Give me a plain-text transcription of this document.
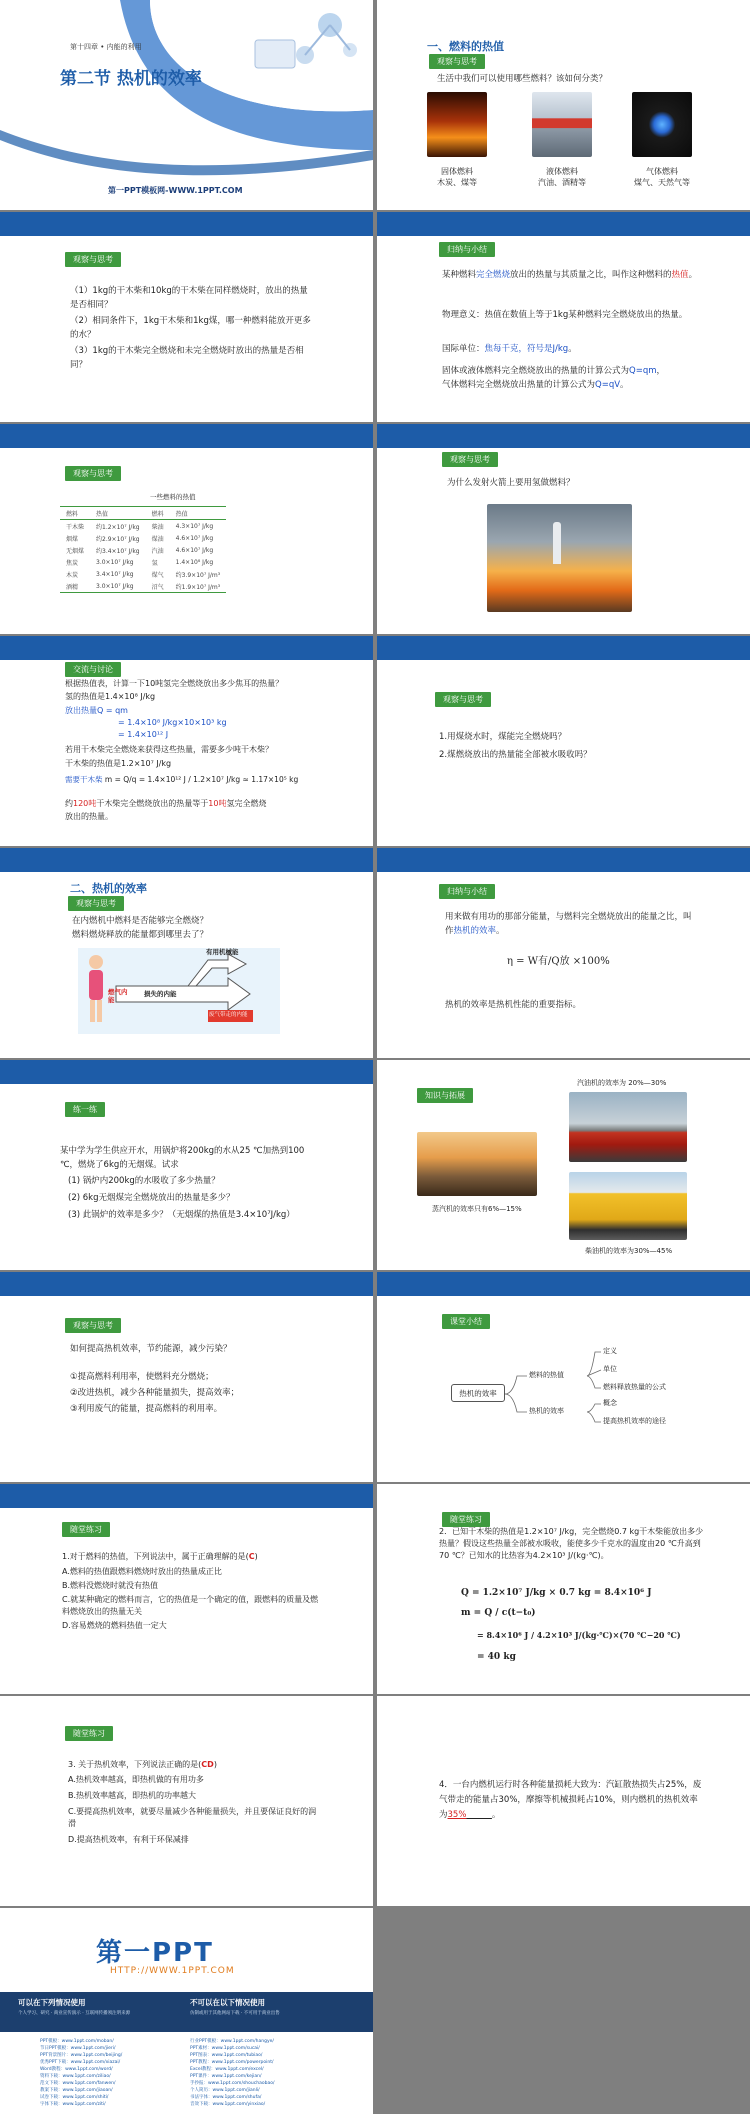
第十四章 • 内能的利用
第二节 热机的效率
第一PPT模板网-WWW.1PPT.COM
一、燃料的热值
观察与思考
生活中我们可以使用哪些燃料？该如何分类？
固体燃料
木炭、煤等
液体燃料
汽油、酒精等
气体燃料
煤气、天然气等
观察与思考
（1）1kg的干木柴和10kg的干木柴在同样燃烧时，放出的热量是否相同？
（2）相同条件下，1kg干木柴和1kg煤，哪一种燃料能放开更多的水？
（3）1kg的干木柴完全燃烧和未完全燃烧时放出的热量是否相同？
归纳与小结
某种燃料完全燃烧放出的热量与其质量之比，叫作这种燃料的热值。
物理意义：热值在数值上等于1kg某种燃料完全燃烧放出的热量。
国际单位：焦每千克，符号是J/kg。
固体或液体燃料完全燃烧放出的热量的计算公式为Q=qm，
气体燃料完全燃烧放出热量的计算公式为Q=qV。
观察与思考
一些燃料的热值
燃料	热值	燃料	热值
干木柴	约1.2×10⁷ J/kg	柴油	4.3×10⁷ J/kg
烟煤	约2.9×10⁷ J/kg	煤油	4.6×10⁷ J/kg
无烟煤	约3.4×10⁷ J/kg	汽油	4.6×10⁷ J/kg
焦炭	3.0×10⁷ J/kg	氢	1.4×10⁸ J/kg
木炭	3.4×10⁷ J/kg	煤气	约3.9×10⁷ J/m³
酒精	3.0×10⁷ J/kg	沼气	约1.9×10⁷ J/m³
观察与思考
为什么发射火箭上要用氢做燃料？
交流与讨论
根据热值表，计算一下10吨氢完全燃烧放出多少焦耳的热量？
氢的热值是1.4×10⁸ J/kg
放出热量Q = qm
= 1.4×10⁸ J/kg×10×10³ kg
= 1.4×10¹² J
若用干木柴完全燃烧来获得这些热量，需要多少吨干木柴？
干木柴的热值是1.2×10⁷ J/kg
需要干木柴 m = Q/q = 1.4×10¹² J / 1.2×10⁷ J/kg ≈ 1.17×10⁵ kg
约120吨干木柴完全燃烧放出的热量等于10吨氢完全燃烧
放出的热量。
观察与思考
1.用煤烧水时，煤能完全燃烧吗？
2.煤燃烧放出的热量能全部被水吸收吗？
二、热机的效率
观察与思考
在内燃机中燃料是否能够完全燃烧？
燃料燃烧释放的能量都到哪里去了？
燃气内能
有用机械能
损失的内能
废气带走的内能
归纳与小结
用来做有用功的那部分能量，与燃料完全燃烧放出的能量之比，叫作热机的效率。
η = W有/Q放 ×100%
热机的效率是热机性能的重要指标。
练一练
某中学为学生供应开水，用锅炉将200kg的水从25 ℃加热到100 ℃，燃烧了6kg的无烟煤。试求
(1) 锅炉内200kg的水吸收了多少热量？
(2) 6kg无烟煤完全燃烧放出的热量是多少？
(3) 此锅炉的效率是多少？（无烟煤的热值是3.4×10⁷J/kg）
知识与拓展
汽油机的效率为 20%—30%
蒸汽机的效率只有6%—15%
柴油机的效率为30%—45%
观察与思考
如何提高热机效率，节约能源，减少污染？
①提高燃料利用率，使燃料充分燃烧；
②改进热机，减少各种能量损失，提高效率；
③利用废气的能量，提高燃料的利用率。
课堂小结
热机的效率
燃料的热值
热机的效率
定义
单位
燃料释放热量的公式
概念
提高热机效率的途径
随堂练习
1.对于燃料的热值，下列说法中，属于正确理解的是(C)
A.燃料的热值跟燃料燃烧时放出的热量成正比
B.燃料没燃烧时就没有热值
C.就某种确定的燃料而言，它的热值是一个确定的值，跟燃料的质量及燃料燃烧放出的热量无关
D.容易燃烧的燃料热值一定大
随堂练习
2．已知干木柴的热值是1.2×10⁷ J/kg，完全燃烧0.7 kg干木柴能放出多少热量？假设这些热量全部被水吸收，能使多少千克水的温度由20 ℃升高到70 ℃？已知水的比热容为4.2×10³ J/(kg·℃)。
Q = 1.2×10⁷ J/kg × 0.7 kg = 8.4×10⁶ J
m = Q / c(t−t₀)
= 8.4×10⁶ J / 4.2×10³ J/(kg·℃)×(70 ℃−20 ℃)
= 40 kg
随堂练习
3. 关于热机效率，下列说法正确的是(CD)
A.热机效率越高，即热机做的有用功多
B.热机效率越高，即热机的功率越大
C.要提高热机效率，就要尽量减少各种能量损失，并且要保证良好的润滑
D.提高热机效率，有利于环保减排
4．一台内燃机运行时各种能量损耗大致为：汽缸散热损失占25%，废气带走的能量占30%，摩擦等机械损耗占10%，则内燃机的热机效率为35%   	。
第一PPT
HTTP://WWW.1PPT.COM
可以在下列情况使用
个人学习、研究 · 商业宣传演示 · 互联网传播须注明来源
不可以在以下情况使用
仿制或用于其他网站下载 · 不可用于商业出售
PPT模板：www.1ppt.com/moban/
节日PPT模板：www.1ppt.com/jieri/
PPT背景图片：www.1ppt.com/beijing/
优秀PPT下载：www.1ppt.com/xiazai/
Word教程：www.1ppt.com/word/
资料下载：www.1ppt.com/ziliao/
范文下载：www.1ppt.com/fanwen/
教案下载：www.1ppt.com/jiaoan/
试卷下载：www.1ppt.com/shiti/
字体下载：www.1ppt.com/ziti/
行业PPT模板：www.1ppt.com/hangye/
PPT素材：www.1ppt.com/sucai/
PPT图表：www.1ppt.com/tubiao/
PPT教程：www.1ppt.com/powerpoint/
Excel教程：www.1ppt.com/excel/
PPT课件：www.1ppt.com/kejian/
手抄报：www.1ppt.com/shouchaobao/
个人简历：www.1ppt.com/jianli/
书法字体：www.1ppt.com/shufa/
音效下载：www.1ppt.com/yinxiao/
